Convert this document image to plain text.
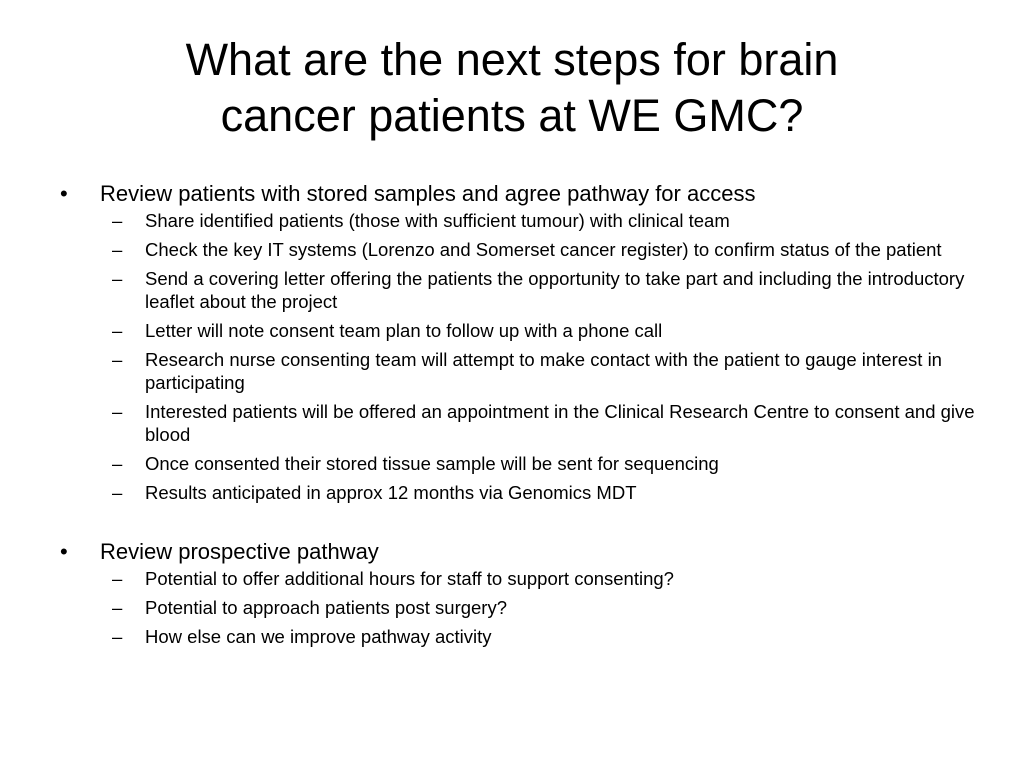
What are the next steps for brain
cancer patients at WE GMC?
•	Review patients with stored samples and agree pathway for access
– Share identified patients (those with sufficient tumour) with clinical team
– Check the key IT systems (Lorenzo and Somerset cancer register) to confirm status of the patient
– Send a covering letter offering the patients the opportunity to take part and including the introductory leaflet about the project
– Letter will note consent team plan to follow up with a phone call
– Research nurse consenting team will attempt to make contact with the patient to gauge interest in participating
– Interested patients will be offered an appointment in the Clinical Research Centre to consent and give blood
– Once consented their stored tissue sample will be sent for sequencing
– Results anticipated in approx 12 months via Genomics MDT
•	Review prospective pathway
– Potential to offer additional hours for staff to support consenting?
– Potential to approach patients post surgery?
– How else can we improve pathway activity
